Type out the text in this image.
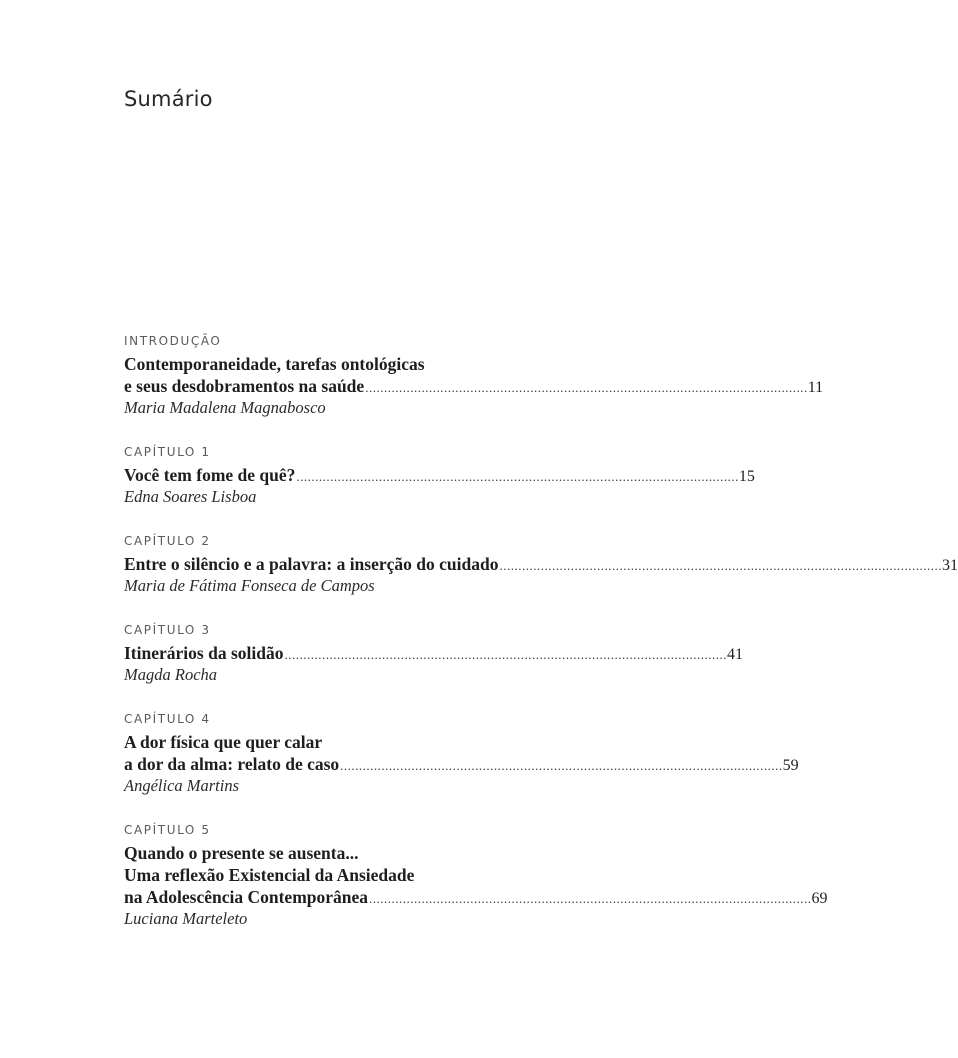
Sumário
INTRODUÇÃO
Contemporaneidade, tarefas ontológicas
e seus desdobramentos na saúde ...................................................................................................................... 11
Maria Madalena Magnabosco
CAPÍTULO 1
Você tem fome de quê? ...................................................................................................................... 15
Edna Soares Lisboa
CAPÍTULO 2
Entre o silêncio e a palavra: a inserção do cuidado ...................................................................................................................... 31
Maria de Fátima Fonseca de Campos
CAPÍTULO 3
Itinerários da solidão ...................................................................................................................... 41
Magda Rocha
CAPÍTULO 4
A dor física que quer calar
a dor da alma: relato de caso ...................................................................................................................... 59
Angélica Martins
CAPÍTULO 5
Quando o presente se ausenta...
Uma reflexão Existencial da Ansiedade
na Adolescência Contemporânea ...................................................................................................................... 69
Luciana Marteleto
